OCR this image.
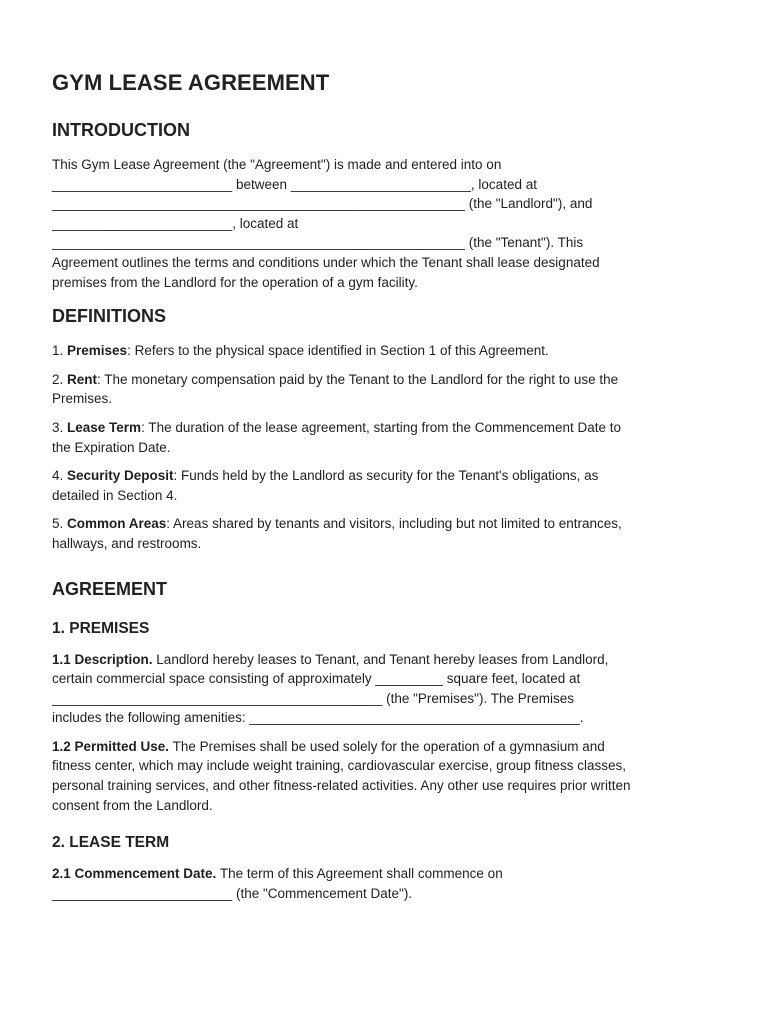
GYM LEASE AGREEMENT
INTRODUCTION

This Gym Lease Agreement (the "Agreement") is made and entered into on
________________________ between ________________________, located at
_______________________________________________________ (the "Landlord"), and
________________________, located at
_______________________________________________________ (the "Tenant"). This
Agreement outlines the terms and conditions under which the Tenant shall lease designated
premises from the Landlord for the operation of a gym facility.

DEFINITIONS

1. Premises: Refers to the physical space identified in Section 1 of this Agreement.

2. Rent: The monetary compensation paid by the Tenant to the Landlord for the right to use the
Premises.

3. Lease Term: The duration of the lease agreement, starting from the Commencement Date to
the Expiration Date.

4. Security Deposit: Funds held by the Landlord as security for the Tenant's obligations, as
detailed in Section 4.

5. Common Areas: Areas shared by tenants and visitors, including but not limited to entrances,
hallways, and restrooms.

AGREEMENT
1. PREMISES

1.1 Description. Landlord hereby leases to Tenant, and Tenant hereby leases from Landlord,
certain commercial space consisting of approximately _________ square feet, located at
____________________________________________ (the "Premises"). The Premises
includes the following amenities: ____________________________________________.

1.2 Permitted Use. The Premises shall be used solely for the operation of a gymnasium and
fitness center, which may include weight training, cardiovascular exercise, group fitness classes,
personal training services, and other fitness-related activities. Any other use requires prior written
consent from the Landlord.

2. LEASE TERM

2.1 Commencement Date. The term of this Agreement shall commence on
________________________ (the "Commencement Date").
